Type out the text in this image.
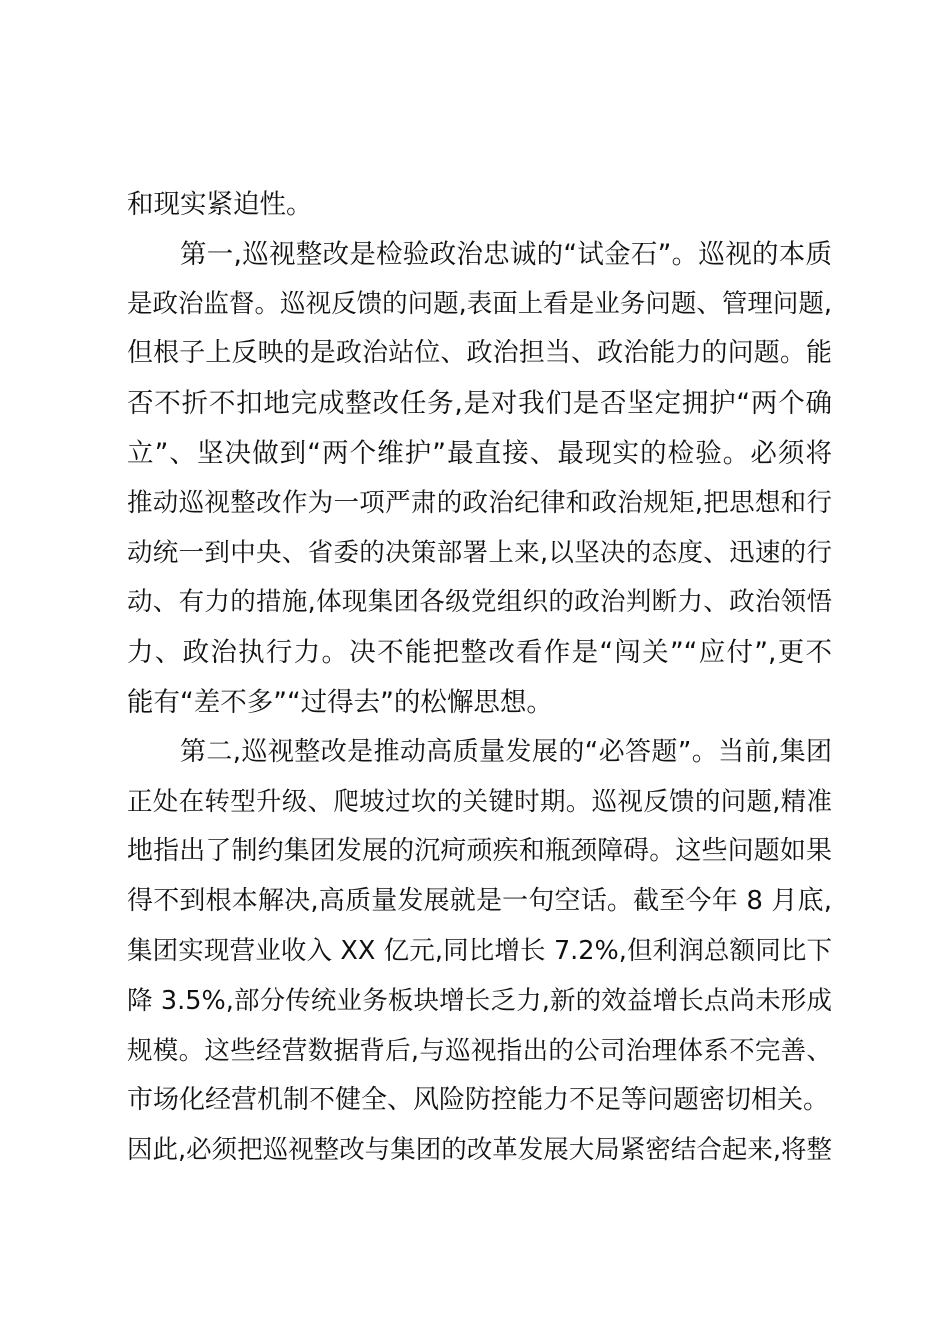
和现实紧迫性。
第一,巡视整改是检验政治忠诚的“试金石”。巡视的本质
是政治监督。巡视反馈的问题,表面上看是业务问题、管理问题,
但根子上反映的是政治站位、政治担当、政治能力的问题。能
否不折不扣地完成整改任务,是对我们是否坚定拥护“两个确
立”、坚决做到“两个维护”最直接、最现实的检验。必须将
推动巡视整改作为一项严肃的政治纪律和政治规矩,把思想和行
动统一到中央、省委的决策部署上来,以坚决的态度、迅速的行
动、有力的措施,体现集团各级党组织的政治判断力、政治领悟
力、政治执行力。决不能把整改看作是“闯关”“应付”,更不
能有“差不多”“过得去”的松懈思想。
第二,巡视整改是推动高质量发展的“必答题”。当前,集团
正处在转型升级、爬坡过坎的关键时期。巡视反馈的问题,精准
地指出了制约集团发展的沉疴顽疾和瓶颈障碍。这些问题如果
得不到根本解决,高质量发展就是一句空话。截至今年 8 月底,
集团实现营业收入 XX 亿元,同比增长 7.2%,但利润总额同比下
降 3.5%,部分传统业务板块增长乏力,新的效益增长点尚未形成
规模。这些经营数据背后,与巡视指出的公司治理体系不完善、
市场化经营机制不健全、风险防控能力不足等问题密切相关。
因此,必须把巡视整改与集团的改革发展大局紧密结合起来,将整
